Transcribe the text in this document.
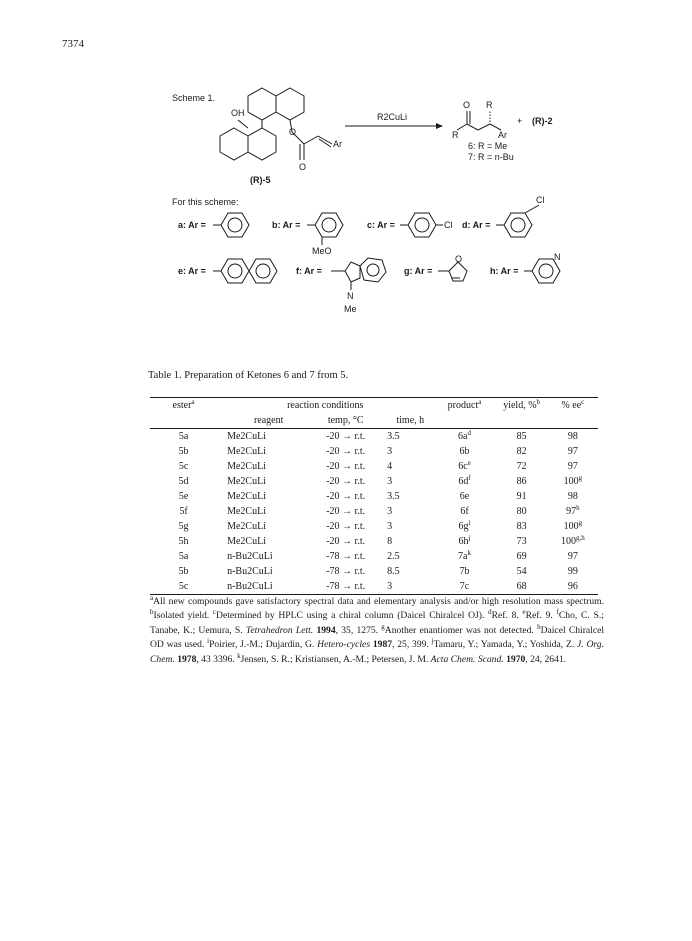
7374
Scheme 1.
OH
O
O
Ar
(R)-5
R2CuLi
O R
R	Ar
+ (R)-2
6: R = Me
7: R = n-Bu
For this scheme:
a: Ar =	b: Ar =
MeO
c: Ar =	Cl d: Ar =
Cl
e: Ar =	f: Ar =
N
Me
g: Ar =
O
h: Ar =
N
Table 1. Preparation of Ketones 6 and 7 from 5.
ester$^a$	reaction conditions			product$^a$	yield, %$^b$	% $ee^c$
	reagent	temp, °C	time, h			
5a	Me2CuLi	-20 → r.t.	3.5	$6a^d$	85	98
5b	Me2CuLi	-20 → r.t.	3	6b	82	97
5c	Me2CuLi	-20 → r.t.	4	$6c^e$	72	97
5d	Me2CuLi	-20 → r.t.	3	$6d^f$	86	100$^g$
5e	Me2CuLi	-20 → r.t.	3.5	6e	91	98
5f	Me2CuLi	-20 → r.t.	3	6f	80	97$^h$
5g	Me2CuLi	-20 → r.t.	3	$6g^i$	83	100$^g$
5h	Me2CuLi	-20 → r.t.	8	$6h^j$	73	100$^{g,h}$
5a	n-Bu2CuLi	-78 → r.t.	2.5	$7a^k$	69	97
5b	n-Bu2CuLi	-78 → r.t.	8.5	7b	54	99
5c	n-Bu2CuLi	-78 → r.t.	3	7c	68	96
$^a$All new compounds gave satisfactory spectral data and elementary analysis and/or high resolution mass spectrum. $^b$Isolated yield. $^c$Determined by HPLC using a chiral column (Daicel Chiralcel OJ). $^d$Ref. 8. $^e$Ref. 9. $^f$Cho, C. S.; Tanabe, K.; Uemura, S. Tetrahedron Lett. 1994, 35, 1275. $^g$Another enantiomer was not detected. $^h$Daicel Chiralcel OD was used. $^i$Poirier, J.-M.; Dujardin, G. Hetero-cycles 1987, 25, 399. $^j$Tamaru, Y.; Yamada, Y.; Yoshida, Z. J. Org. Chem. 1978, 43 3396. $^k$Jensen, S. R.; Kristiansen, A.-M.; Petersen, J. M. Acta Chem. Scand. 1970, 24, 2641.
